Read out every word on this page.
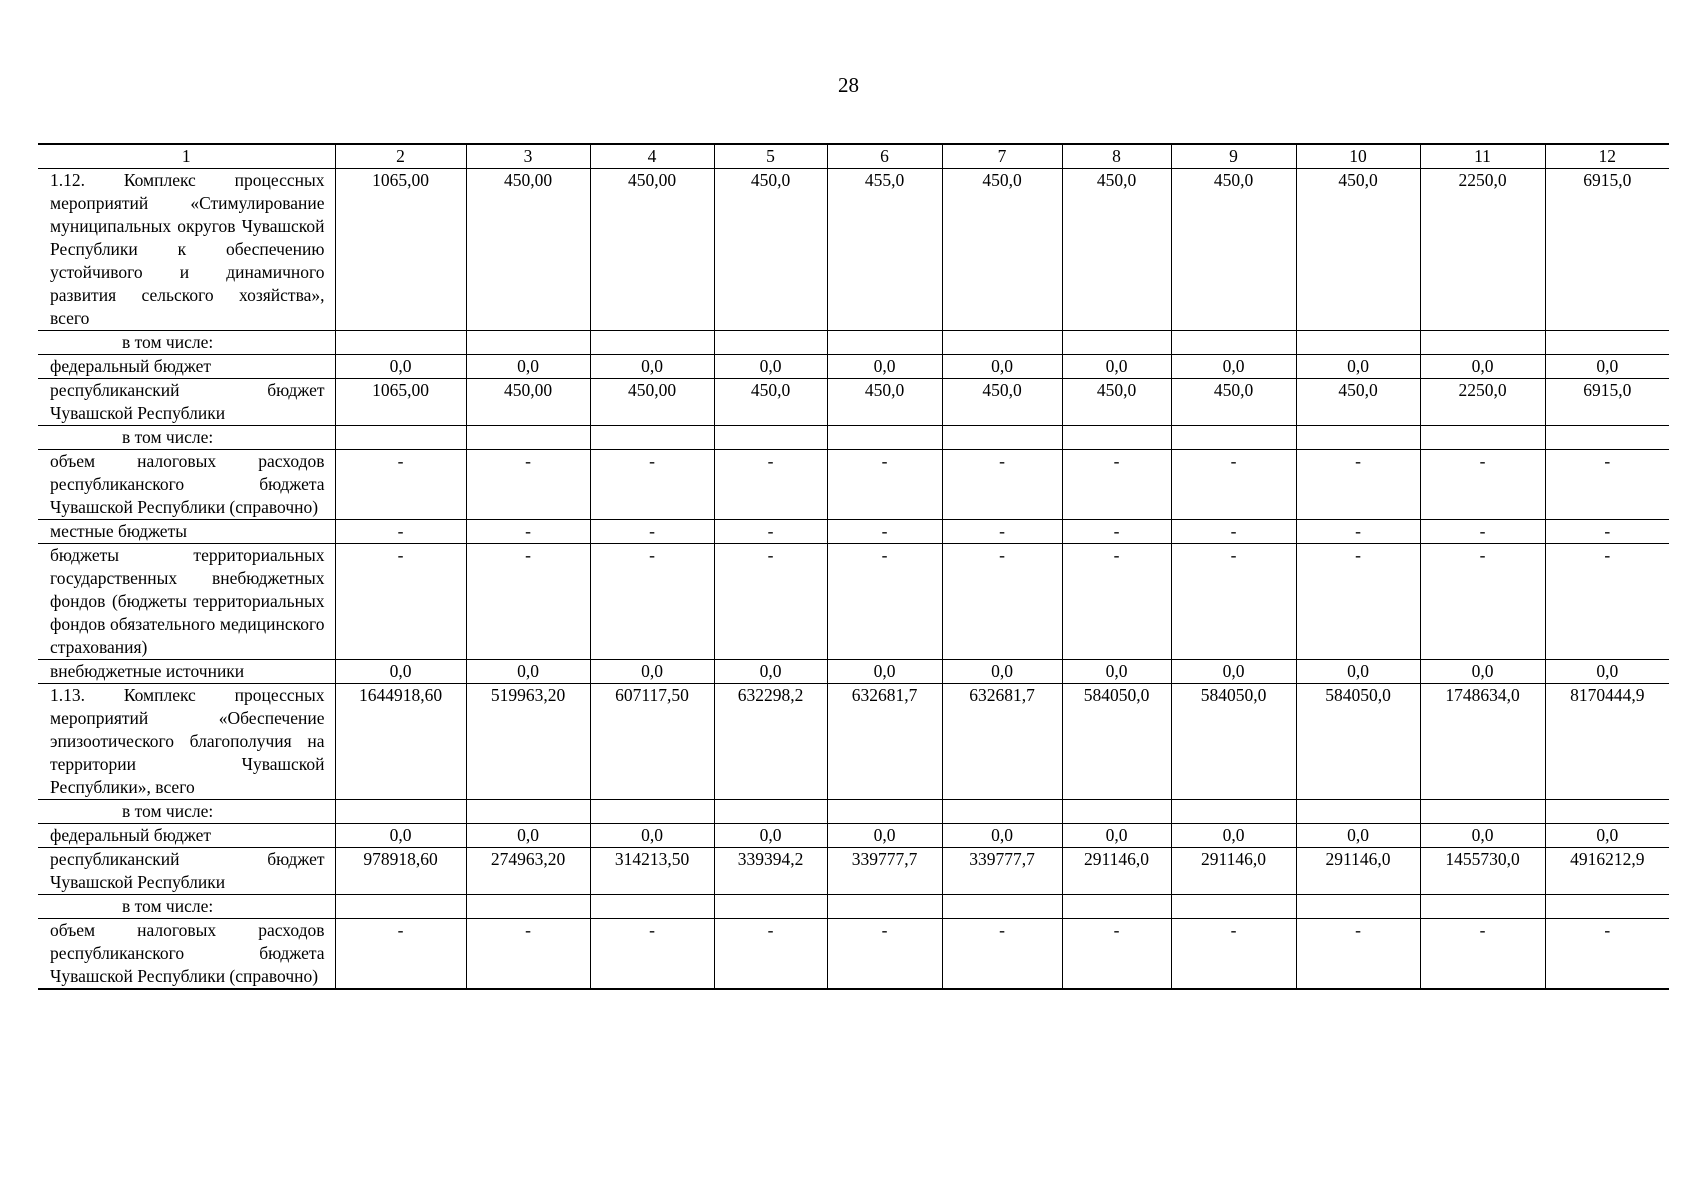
28
1	2	3	4	5	6	7	8	9	10	11	12
1.12. Комплекс процессных мероприятий «Стимулирование муниципальных округов Чувашской Республики к обеспечению устойчивого и динамичного развития сельского хозяйства», всего	1065,00	450,00	450,00	450,0	455,0	450,0	450,0	450,0	450,0	2250,0	6915,0
в том числе:											
федеральный бюджет	0,0	0,0	0,0	0,0	0,0	0,0	0,0	0,0	0,0	0,0	0,0
республиканский бюджет Чувашской Республики	1065,00	450,00	450,00	450,0	450,0	450,0	450,0	450,0	450,0	2250,0	6915,0
в том числе:											
объем налоговых расходов республиканского бюджета Чувашской Республики (справочно)	-	-	-	-	-	-	-	-	-	-	-
местные бюджеты	-	-	-	-	-	-	-	-	-	-	-
бюджеты территориальных государственных внебюджетных фондов (бюджеты территориальных фондов обязательного медицинского страхования)	-	-	-	-	-	-	-	-	-	-	-
внебюджетные источники	0,0	0,0	0,0	0,0	0,0	0,0	0,0	0,0	0,0	0,0	0,0
1.13. Комплекс процессных мероприятий «Обеспечение эпизоотического благополучия на территории Чувашской Республики», всего	1644918,60	519963,20	607117,50	632298,2	632681,7	632681,7	584050,0	584050,0	584050,0	1748634,0	8170444,9
в том числе:											
федеральный бюджет	0,0	0,0	0,0	0,0	0,0	0,0	0,0	0,0	0,0	0,0	0,0
республиканский бюджет Чувашской Республики	978918,60	274963,20	314213,50	339394,2	339777,7	339777,7	291146,0	291146,0	291146,0	1455730,0	4916212,9
в том числе:											
объем налоговых расходов республиканского бюджета Чувашской Республики (справочно)	-	-	-	-	-	-	-	-	-	-	-
